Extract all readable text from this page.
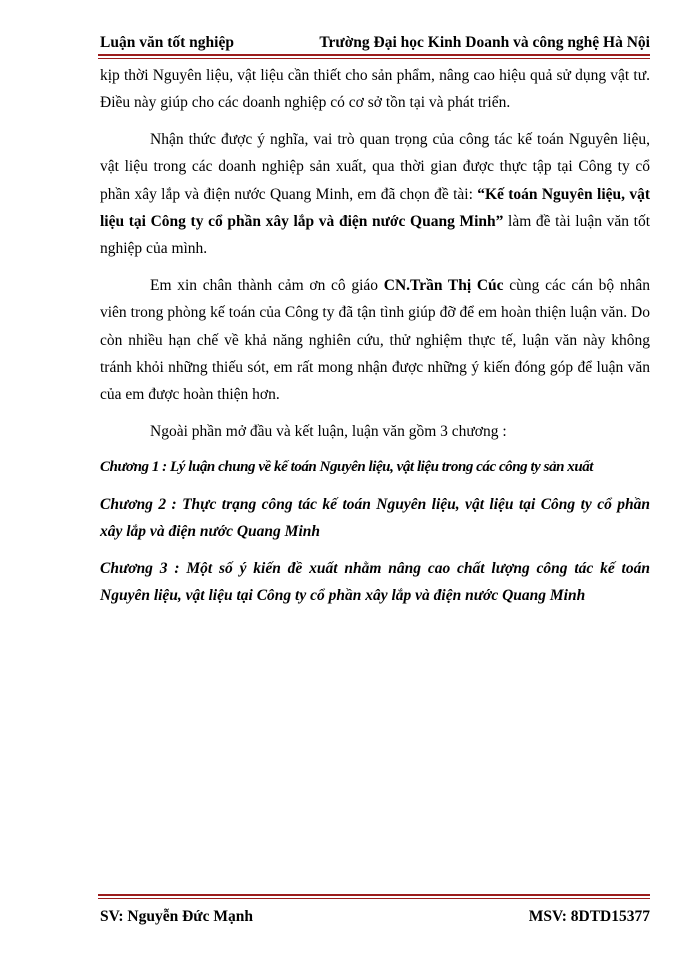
Luận văn tốt nghiệp	Trường Đại học Kinh Doanh và công nghệ Hà Nội

kịp thời Nguyên liệu, vật liệu cần thiết cho sản phẩm, nâng cao hiệu quả sử dụng vật tư. Điều này giúp cho các doanh nghiệp có cơ sở tồn tại và phát triển.

Nhận thức được ý nghĩa, vai trò quan trọng của công tác kế toán Nguyên liệu, vật liệu trong các doanh nghiệp sản xuất, qua thời gian được thực tập tại Công ty cổ phần xây lắp và điện nước Quang Minh, em đã chọn đề tài: “Kế toán Nguyên liệu, vật liệu tại Công ty cổ phần xây lắp và điện nước Quang Minh” làm đề tài luận văn tốt nghiệp của mình.

Em xin chân thành cảm ơn cô giáo CN.Trần Thị Cúc cùng các cán bộ nhân viên trong phòng kế toán của Công ty đã tận tình giúp đỡ để em hoàn thiện luận văn. Do còn nhiều hạn chế về khả năng nghiên cứu, thử nghiệm thực tế, luận văn này không tránh khỏi những thiếu sót, em rất mong nhận được những ý kiến đóng góp để luận văn của em được hoàn thiện hơn.

Ngoài phần mở đầu và kết luận, luận văn gồm 3 chương :

Chương 1 : Lý luận chung về kế toán Nguyên liệu, vật liệu trong các công ty sản xuất

Chương 2 : Thực trạng công tác kế toán Nguyên liệu, vật liệu tại Công ty cổ phần xây lắp và điện nước Quang Minh

Chương 3 : Một số ý kiến đề xuất nhằm nâng cao chất lượng công tác kế toán Nguyên liệu, vật liệu tại Công ty cổ phần xây lắp và điện nước Quang Minh

SV: Nguyễn Đức Mạnh	MSV: 8DTD15377
